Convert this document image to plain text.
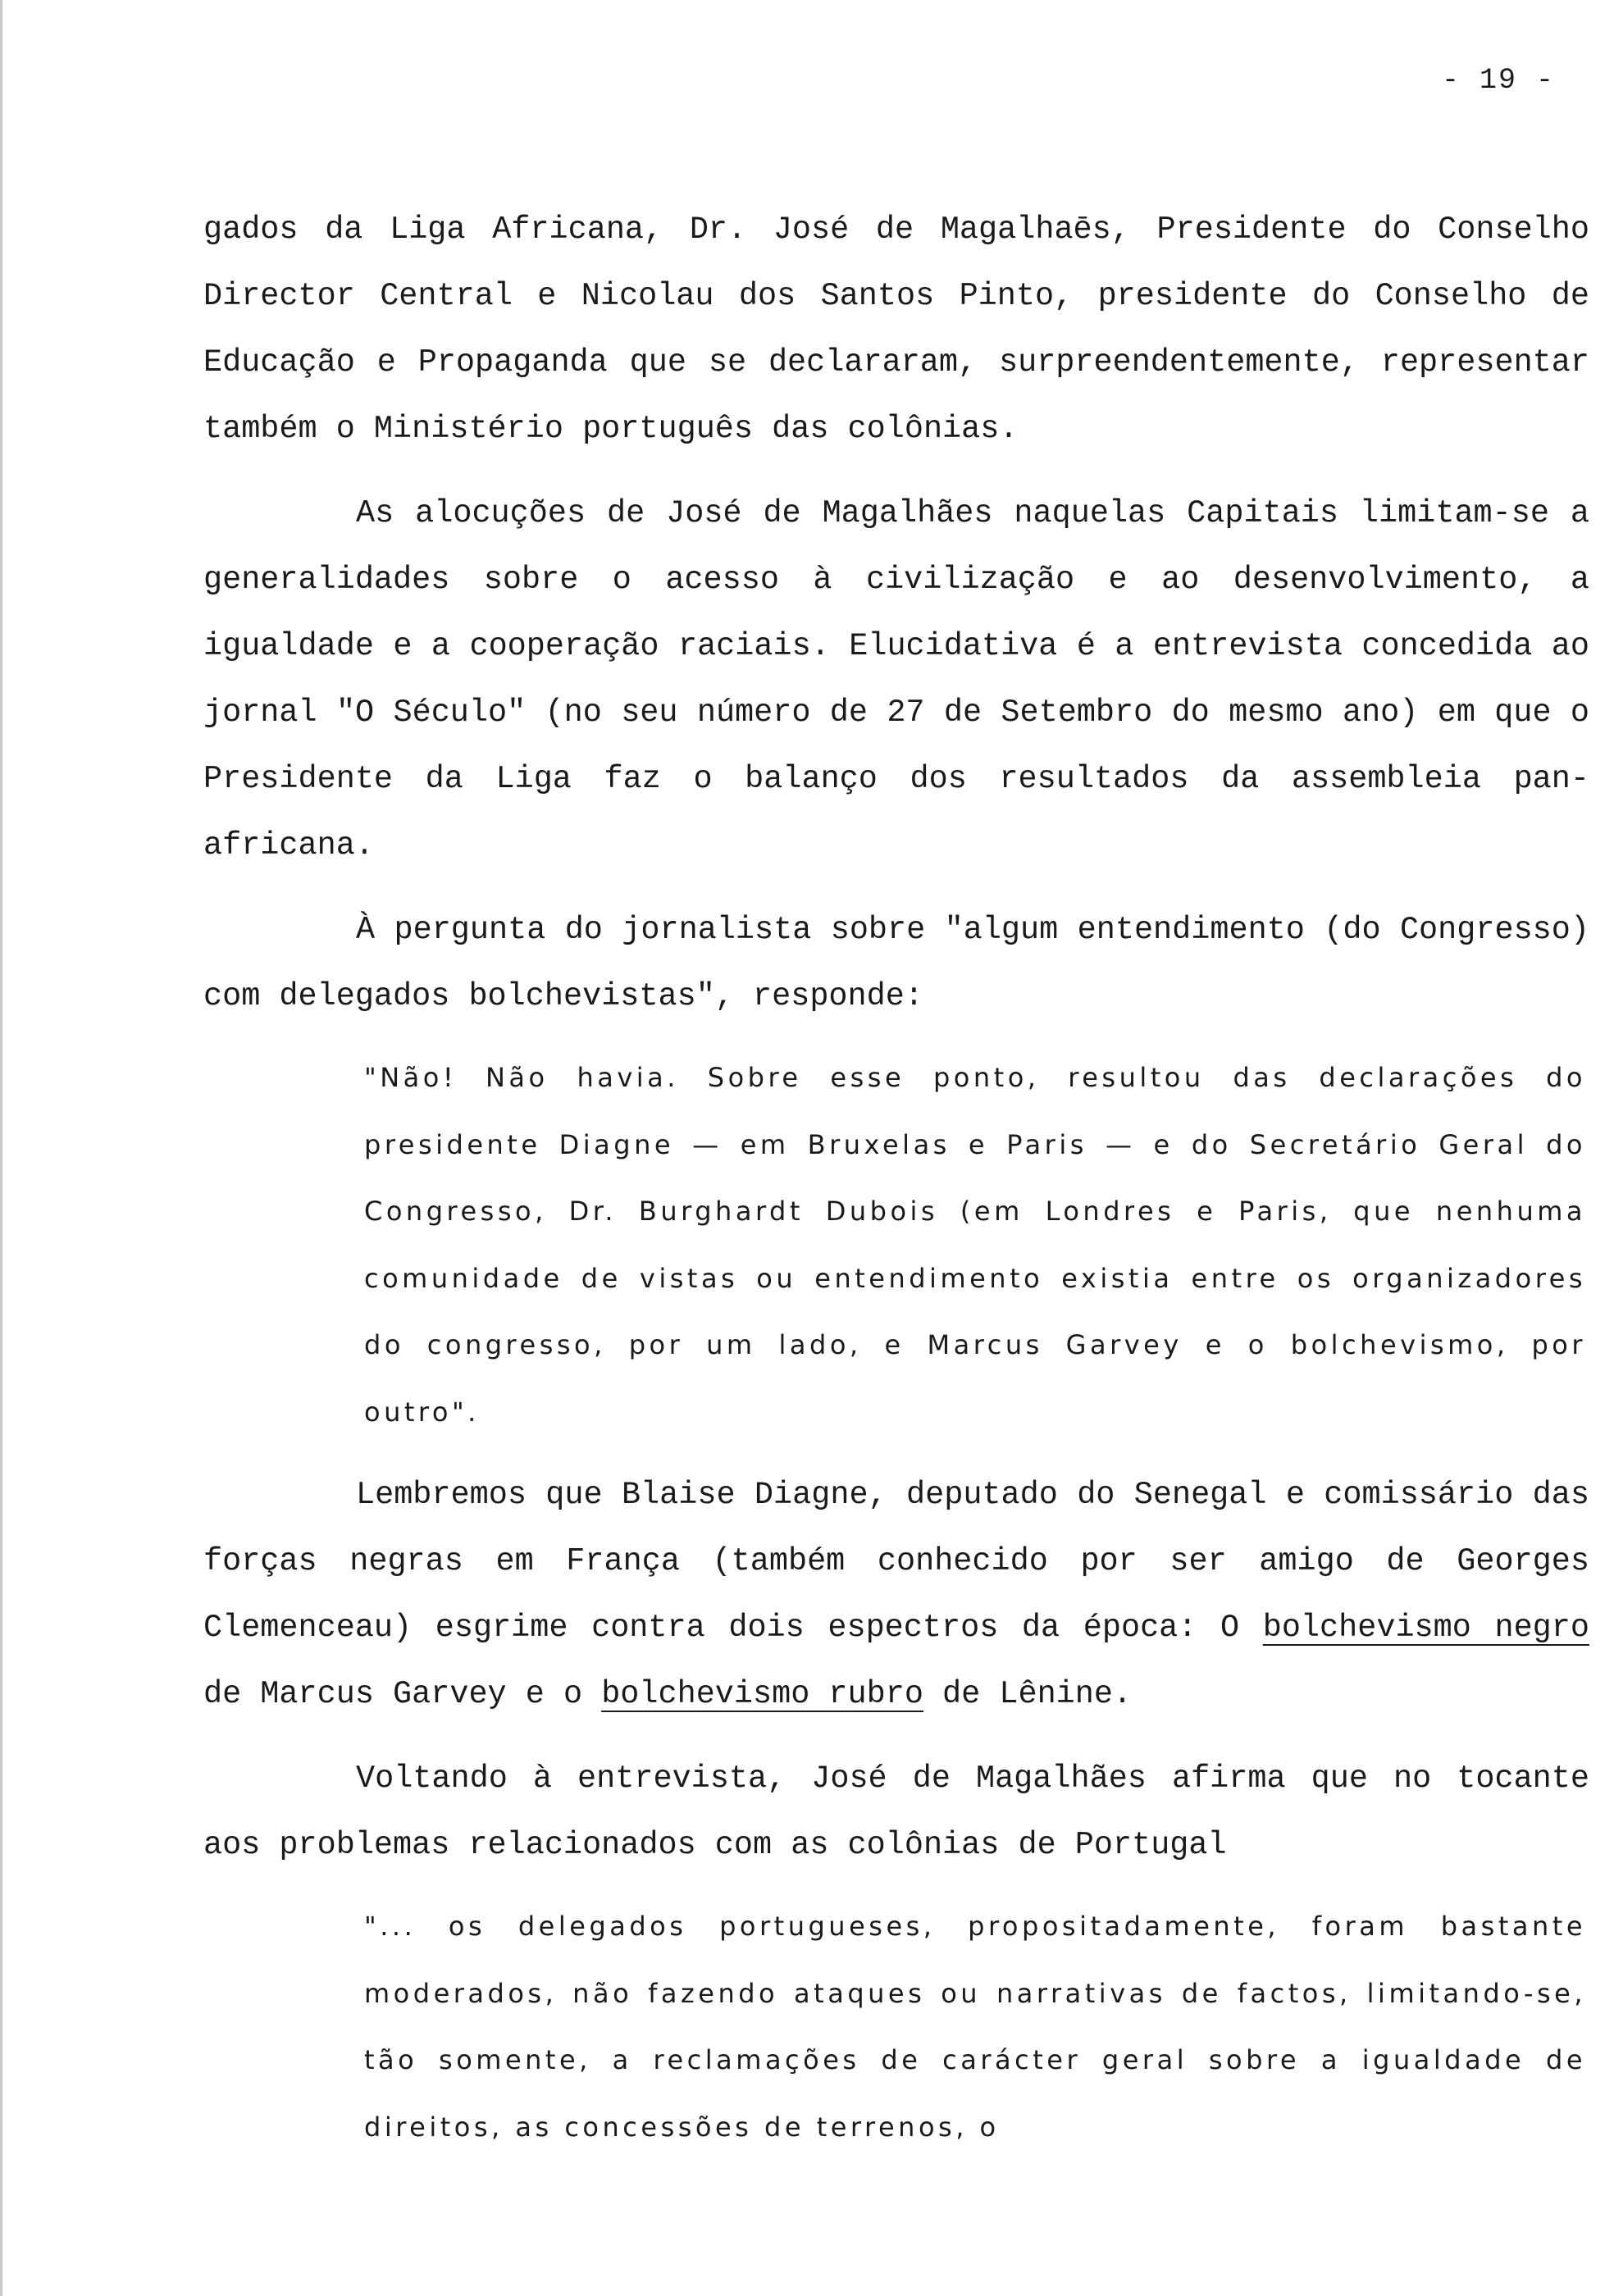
- 19 -

gados da Liga Africana, Dr. José de Magalhaēs, Presidente do Conselho Director Central e Nicolau dos Santos Pinto, presidente do Conselho de Educação e Propaganda que se declararam, surpreendentemente, representar também o Ministério português das colônias.

As alocuções de José de Magalhães naquelas Capitais limitam-se a generalidades sobre o acesso à civilização e ao desenvolvimento, a igualdade e a cooperação raciais. Elucidativa é a entrevista concedida ao jornal "O Século" (no seu número de 27 de Setembro do mesmo ano) em que o Presidente da Liga faz o balanço dos resultados da assembleia pan-africana.

À pergunta do jornalista sobre "algum entendimento (do Congresso) com delegados bolchevistas", responde:

"Não! Não havia. Sobre esse ponto, resultou das declarações do presidente Diagne — em Bruxelas e Paris — e do Secretário Geral do Congresso, Dr. Burghardt Dubois (em Londres e Paris, que nenhuma comunidade de vistas ou entendimento existia entre os organizadores do congresso, por um lado, e Marcus Garvey e o bolchevismo, por outro".

Lembremos que Blaise Diagne, deputado do Senegal e comissário das forças negras em França (também conhecido por ser amigo de Georges Clemenceau) esgrime contra dois espectros da época: O bolchevismo negro de Marcus Garvey e o bolchevismo rubro de Lênine.

Voltando à entrevista, José de Magalhães afirma que no tocante aos problemas relacionados com as colônias de Portugal

"... os delegados portugueses, propositadamente, foram bastante moderados, não fazendo ataques ou narrativas de factos, limitando-se, tão somente, a reclamações de carácter geral sobre a igualdade de direitos, as concessões de terrenos, o
